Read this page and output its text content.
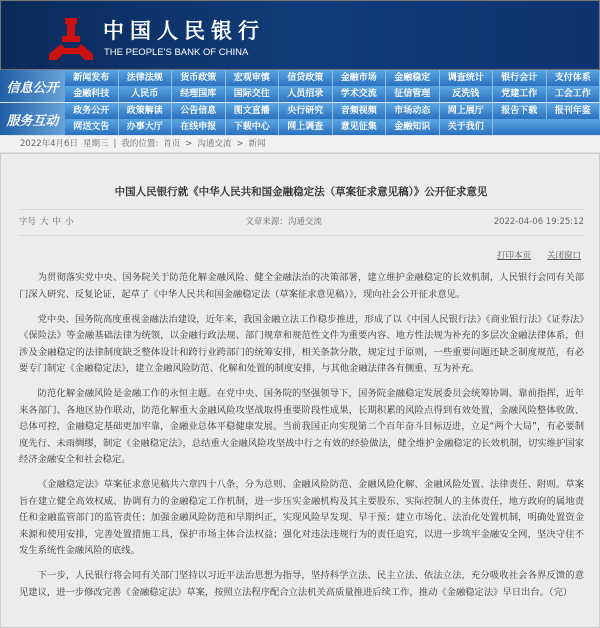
中国人民银行
THE PEOPLE'S BANK OF CHINA
信息公开
新闻发布	法律法规	货币政策	宏观审慎	信贷政策	金融市场	金融稳定	调查统计	银行会计	支付体系
金融科技	人民币	经理国库	国际交往	人员招录	学术交流	征信管理	反洗钱	党建工作	工会工作
服务互动
政务公开	政策解读	公告信息	图文直播	央行研究	音频视频	市场动态	网上展厅	报告下载	报刊年鉴
网送文告	办事大厅	在线申报	下载中心	网上调查	意见征集	金融知识	关于我们
2022年4月6日 星期三 | 我的位置: 首页 > 沟通交流 > 新闻
中国人民银行就《中华人民共和国金融稳定法（草案征求意见稿）》公开征求意见
字号 大 中 小	文章来源：沟通交流	2022-04-06 19:25:12
打印本页 关闭窗口

为贯彻落实党中央、国务院关于防范化解金融风险、健全金融法治的决策部署，建立维护金融稳定的长效机制，人民银行会同有关部门深入研究、反复论证，起草了《中华人民共和国金融稳定法（草案征求意见稿）》，现向社会公开征求意见。

党中央、国务院高度重视金融法治建设，近年来，我国金融立法工作稳步推进，形成了以《中国人民银行法》《商业银行法》《证券法》《保险法》等金融基础法律为统领，以金融行政法规、部门规章和规范性文件为重要内容、地方性法规为补充的多层次金融法律体系，但涉及金融稳定的法律制度缺乏整体设计和跨行业跨部门的统筹安排，相关条款分散，规定过于原则，一些重要问题还缺乏制度规范，有必要专门制定《金融稳定法》，建立金融风险防范、化解和处置的制度安排，与其他金融法律各有侧重、互为补充。

防范化解金融风险是金融工作的永恒主题。在党中央、国务院的坚强领导下，国务院金融稳定发展委员会统筹协调、靠前指挥，近年来各部门、各地区协作联动，防范化解重大金融风险攻坚战取得重要阶段性成果，长期积累的风险点得到有效处置，金融风险整体收敛、总体可控，金融稳定基础更加牢靠，金融业总体平稳健康发展。当前我国正向实现第二个百年奋斗目标迈进，立足“两个大局”，有必要制度先行、未雨绸缪，制定《金融稳定法》，总结重大金融风险攻坚战中行之有效的经验做法，健全维护金融稳定的长效机制，切实维护国家经济金融安全和社会稳定。

《金融稳定法》草案征求意见稿共六章四十八条，分为总则、金融风险防范、金融风险化解、金融风险处置、法律责任、附则。草案旨在建立健全高效权威、协调有力的金融稳定工作机制，进一步压实金融机构及其主要股东、实际控制人的主体责任，地方政府的属地责任和金融监管部门的监管责任；加强金融风险防范和早期纠正，实现风险早发现、早干预；建立市场化、法治化处置机制，明确处置资金来源和使用安排，完善处置措施工具，保护市场主体合法权益；强化对违法违规行为的责任追究，以进一步筑牢金融安全网，坚决守住不发生系统性金融风险的底线。

下一步，人民银行将会同有关部门坚持以习近平法治思想为指导，坚持科学立法、民主立法、依法立法，充分吸收社会各界反馈的意见建议，进一步修改完善《金融稳定法》草案，按照立法程序配合立法机关高质量推进后续工作，推动《金融稳定法》早日出台。（完）
